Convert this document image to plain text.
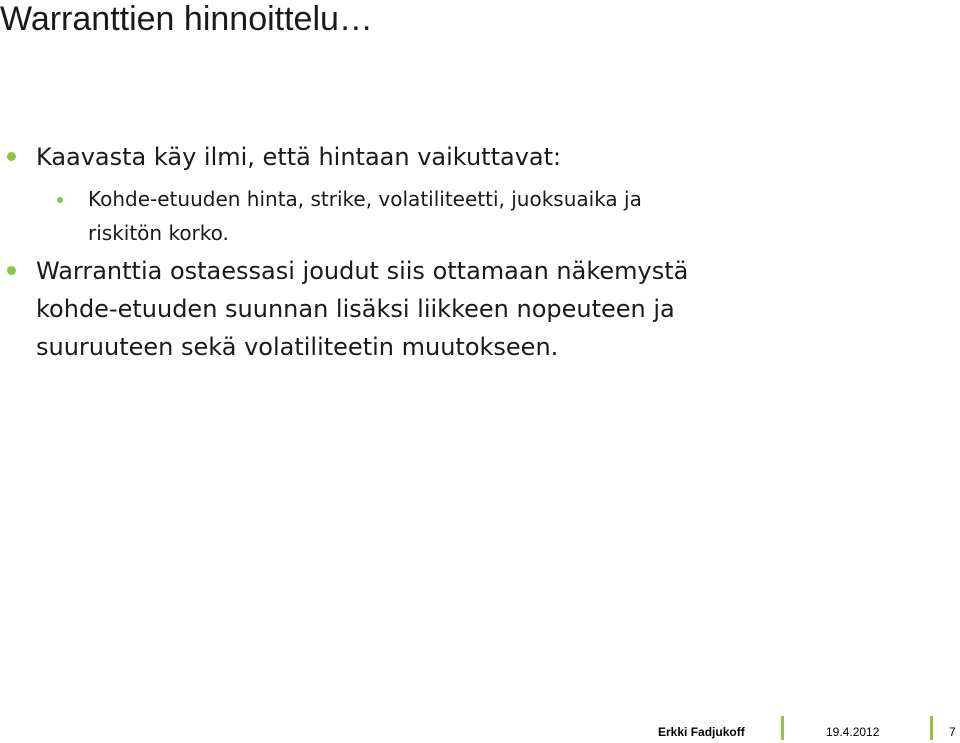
Warranttien hinnoittelu…
Kaavasta käy ilmi, että hintaan vaikuttavat:
Kohde-etuuden hinta, strike, volatiliteetti, juoksuaika ja
riskitön korko.
Warranttia ostaessasi joudut siis ottamaan näkemystä
kohde-etuuden suunnan lisäksi liikkeen nopeuteen ja
suuruuteen sekä volatiliteetin muutokseen.
Erkki Fadjukoff	19.4.2012	7
